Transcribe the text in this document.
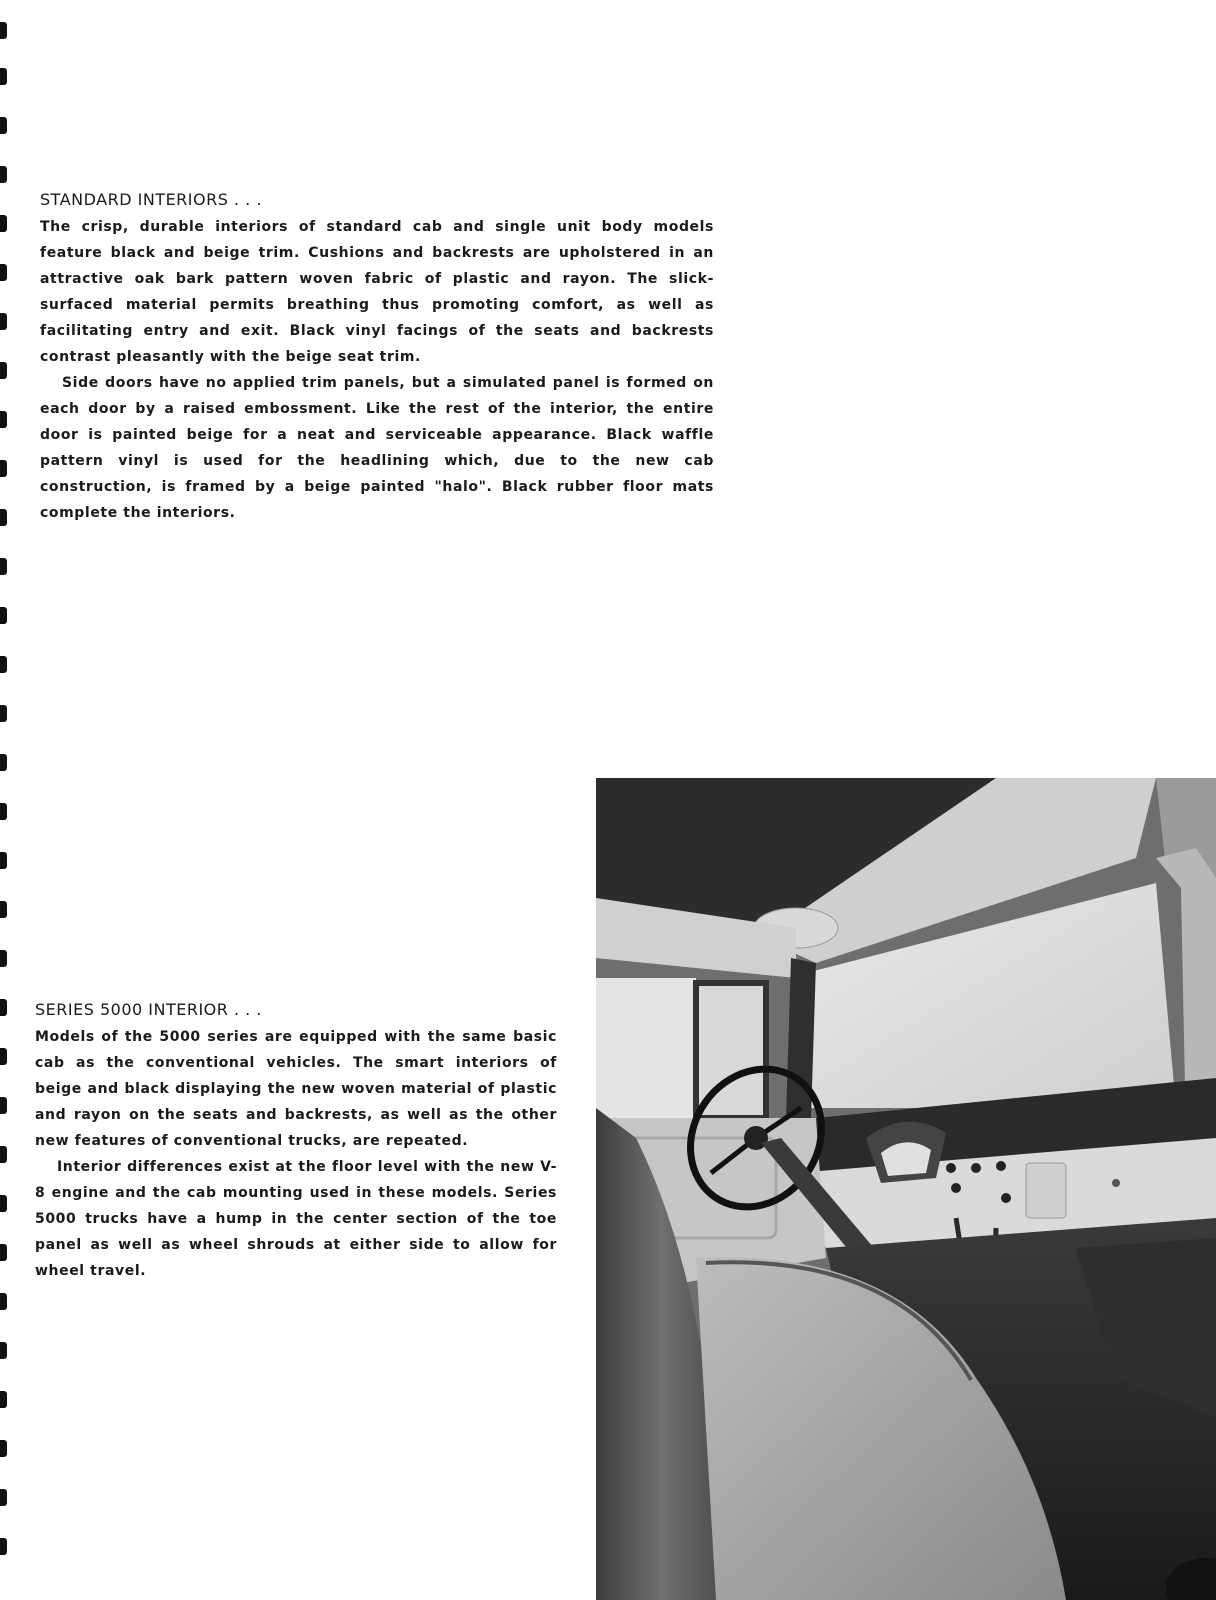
STANDARD INTERIORS . . .

The crisp, durable interiors of standard cab and single unit body models feature black and beige trim. Cushions and backrests are upholstered in an attractive oak bark pattern woven fabric of plastic and rayon. The slick-surfaced material permits breathing thus promoting comfort, as well as facilitating entry and exit. Black vinyl facings of the seats and backrests contrast pleasantly with the beige seat trim.

Side doors have no applied trim panels, but a simulated panel is formed on each door by a raised embossment. Like the rest of the interior, the entire door is painted beige for a neat and serviceable appearance. Black waffle pattern vinyl is used for the headlining which, due to the new cab construction, is framed by a beige painted "halo". Black rubber floor mats complete the interiors.

SERIES 5000 INTERIOR . . .

Models of the 5000 series are equipped with the same basic cab as the conventional vehicles. The smart interiors of beige and black displaying the new woven material of plastic and rayon on the seats and backrests, as well as the other new features of conventional trucks, are repeated.

Interior differences exist at the floor level with the new V-8 engine and the cab mounting used in these models. Series 5000 trucks have a hump in the center section of the toe panel as well as wheel shrouds at either side to allow for wheel travel.
